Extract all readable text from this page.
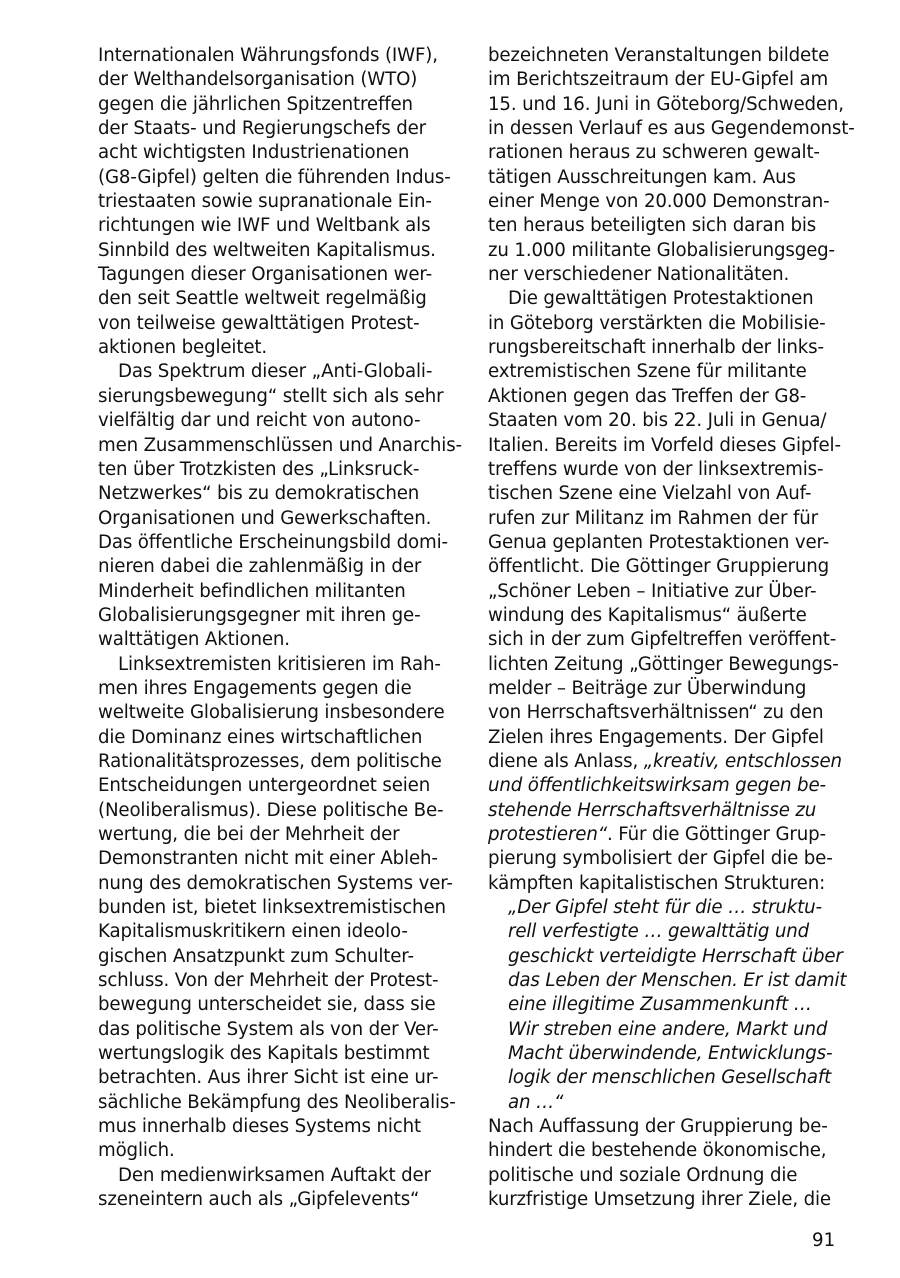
Internationalen Währungsfonds (IWF),
der Welthandelsorganisation (WTO)
gegen die jährlichen Spitzentreffen
der Staats- und Regierungschefs der
acht wichtigsten Industrienationen
(G8-Gipfel) gelten die führenden Indus-
triestaaten sowie supranationale Ein-
richtungen wie IWF und Weltbank als
Sinnbild des weltweiten Kapitalismus.
Tagungen dieser Organisationen wer-
den seit Seattle weltweit regelmäßig
von teilweise gewalttätigen Protest-
aktionen begleitet.
Das Spektrum dieser „Anti-Globali-
sierungsbewegung“ stellt sich als sehr
vielfältig dar und reicht von autono-
men Zusammenschlüssen und Anarchis-
ten über Trotzkisten des „Linksruck-
Netzwerkes“ bis zu demokratischen
Organisationen und Gewerkschaften.
Das öffentliche Erscheinungsbild domi-
nieren dabei die zahlenmäßig in der
Minderheit befindlichen militanten
Globalisierungsgegner mit ihren ge-
walttätigen Aktionen.
Linksextremisten kritisieren im Rah-
men ihres Engagements gegen die
weltweite Globalisierung insbesondere
die Dominanz eines wirtschaftlichen
Rationalitätsprozesses, dem politische
Entscheidungen untergeordnet seien
(Neoliberalismus). Diese politische Be-
wertung, die bei der Mehrheit der
Demonstranten nicht mit einer Ableh-
nung des demokratischen Systems ver-
bunden ist, bietet linksextremistischen
Kapitalismuskritikern einen ideolo-
gischen Ansatzpunkt zum Schulter-
schluss. Von der Mehrheit der Protest-
bewegung unterscheidet sie, dass sie
das politische System als von der Ver-
wertungslogik des Kapitals bestimmt
betrachten. Aus ihrer Sicht ist eine ur-
sächliche Bekämpfung des Neoliberalis-
mus innerhalb dieses Systems nicht
möglich.
Den medienwirksamen Auftakt der
szeneintern auch als „Gipfelevents“
bezeichneten Veranstaltungen bildete
im Berichtszeitraum der EU-Gipfel am
15. und 16. Juni in Göteborg/Schweden,
in dessen Verlauf es aus Gegendemonst-
rationen heraus zu schweren gewalt-
tätigen Ausschreitungen kam. Aus
einer Menge von 20.000 Demonstran-
ten heraus beteiligten sich daran bis
zu 1.000 militante Globalisierungsgeg-
ner verschiedener Nationalitäten.
Die gewalttätigen Protestaktionen
in Göteborg verstärkten die Mobilisie-
rungsbereitschaft innerhalb der links-
extremistischen Szene für militante
Aktionen gegen das Treffen der G8-
Staaten vom 20. bis 22. Juli in Genua/
Italien. Bereits im Vorfeld dieses Gipfel-
treffens wurde von der linksextremis-
tischen Szene eine Vielzahl von Auf-
rufen zur Militanz im Rahmen der für
Genua geplanten Protestaktionen ver-
öffentlicht. Die Göttinger Gruppierung
„Schöner Leben – Initiative zur Über-
windung des Kapitalismus“ äußerte
sich in der zum Gipfeltreffen veröffent-
lichten Zeitung „Göttinger Bewegungs-
melder – Beiträge zur Überwindung
von Herrschaftsverhältnissen“ zu den
Zielen ihres Engagements. Der Gipfel
diene als Anlass, „kreativ, entschlossen
und öffentlichkeitswirksam gegen be-
stehende Herrschaftsverhältnisse zu
protestieren“. Für die Göttinger Grup-
pierung symbolisiert der Gipfel die be-
kämpften kapitalistischen Strukturen:
„Der Gipfel steht für die … struktu-
rell verfestigte … gewalttätig und
geschickt verteidigte Herrschaft über
das Leben der Menschen. Er ist damit
eine illegitime Zusammenkunft …
Wir streben eine andere, Markt und
Macht überwindende, Entwicklungs-
logik der menschlichen Gesellschaft
an …“
Nach Auffassung der Gruppierung be-
hindert die bestehende ökonomische,
politische und soziale Ordnung die
kurzfristige Umsetzung ihrer Ziele, die
91
